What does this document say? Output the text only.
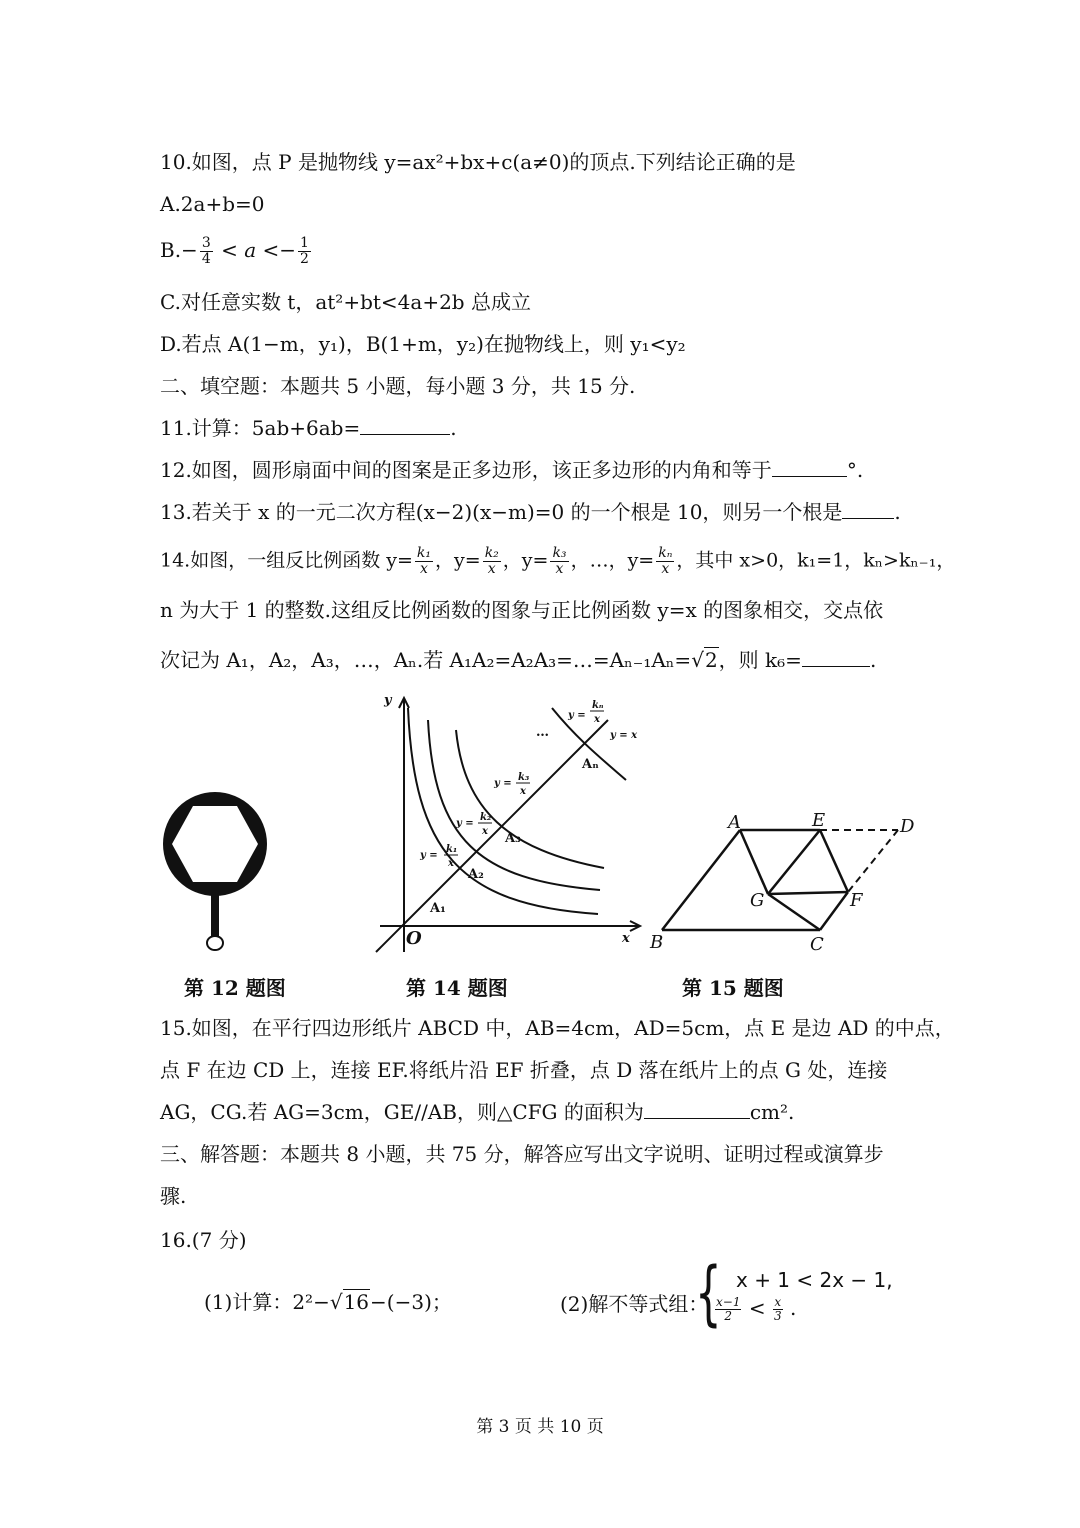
10.如图，点 P 是抛物线 y=ax²+bx+c(a≠0)的顶点.下列结论正确的是
A.2a+b=0
$B.- \frac{3}{4} < a <- \frac{1}{2}$
C.对任意实数 t，at²+bt<4a+2b 总成立
D.若点 A(1−m，y₁)，B(1+m，y₂)在抛物线上，则 y₁<y₂
二、填空题：本题共 5 小题，每小题 3 分，共 15 分.
11.计算：5ab+6ab=	.
12.如图，圆形扇面中间的图案是正多边形，该正多边形的内角和等于	°.
13.若关于 x 的一元二次方程(x−2)(x−m)=0 的一个根是 10，则另一个根是	.
14.如图，一组反比例函数 $y= \frac{\text{k₁}}{x}$ ，$y= \frac{\text{k₂}}{x}$ ，$y= \frac{\text{k₃}}{x}$ ，…，$y= \frac{\text{kₙ}}{x}$ ，其中 x>0，k₁=1，kₙ>kₙ₋₁，
n 为大于 1 的整数.这组反比例函数的图象与正比例函数 y=x 的图象相交，交点依
次记为 A₁，A₂，A₃，…，Aₙ.若 A₁A₂=A₂A₃=…=Aₙ₋₁Aₙ=√2，则 k₆=	.
y
x
O
A₁
A₂
A₃
Aₙ
…	y = x
y =
k₁
x
y =
k₂
x
y =
k₃
x
y =
kₙ
x
A	E	D
B	C
G	F
第 12 题图	第 14 题图	第 15 题图
15.如图，在平行四边形纸片 ABCD 中，AB=4cm，AD=5cm，点 E 是边 AD 的中点，
点 F 在边 CD 上，连接 EF.将纸片沿 EF 折叠，点 D 落在纸片上的点 G 处，连接
AG，CG.若 AG=3cm，GE//AB，则△CFG 的面积为	cm².
三、解答题：本题共 8 小题，共 75 分，解答应写出文字说明、证明过程或演算步
骤.
16.(7 分)
(1)计算：2²−√16−(−3)；	(2)解不等式组：
{ x + 1 < 2x − 1,
$\frac{x-1}{2} < \frac{x}{3}$ .
第 3 页 共 10 页
